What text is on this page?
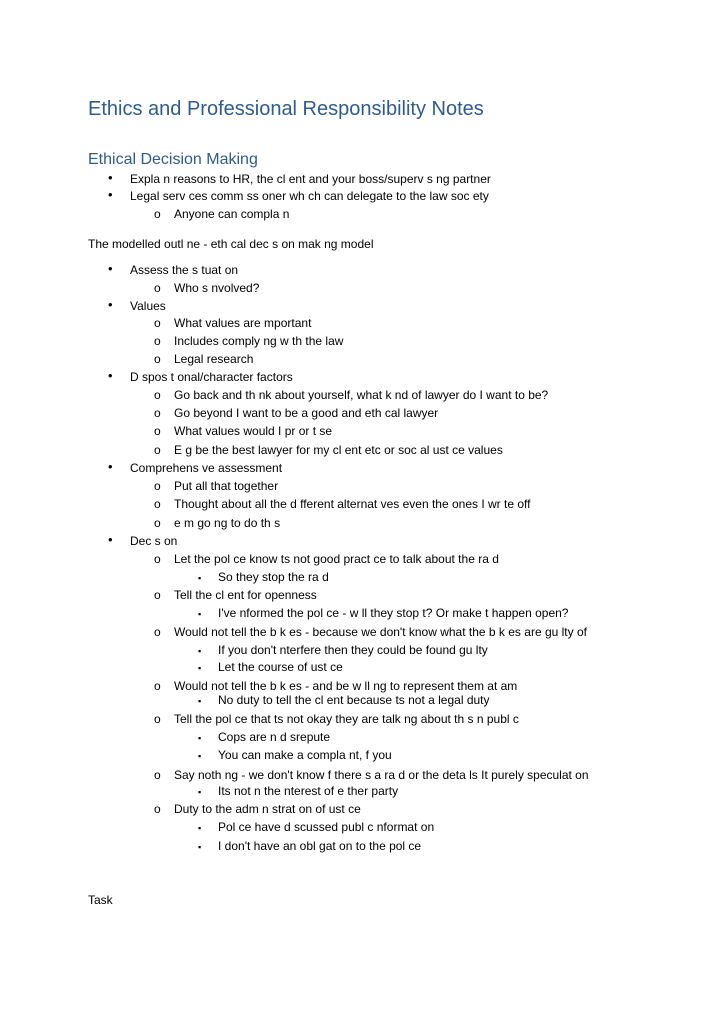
Ethics and Professional Responsibility Notes
Ethical Decision Making
• Expla n reasons to HR, the cl ent and your boss/superv s ng partner
• Legal serv ces comm ss oner wh ch can delegate to the law soc ety
o Anyone can compla n
The modelled outl ne - eth cal dec s on mak ng model
• Assess the s tuat on
o Who s nvolved?
• Values
o What values are mportant
o Includes comply ng w th the law
o Legal research
• D spos t onal/character factors
o Go back and th nk about yourself, what k nd of lawyer do I want to be?
o Go beyond I want to be a good and eth cal lawyer
o What values would I pr or t se
o E g be the best lawyer for my cl ent etc or soc al ust ce values
• Comprehens ve assessment
o Put all that together
o Thought about all the d fferent alternat ves even the ones I wr te off
o e m go ng to do th s
• Dec s on
o Let the pol ce know ts not good pract ce to talk about the ra d
▪ So they stop the ra d
o Tell the cl ent for openness
▪ I've nformed the pol ce - w ll they stop t? Or make t happen open?
o Would not tell the b k es - because we don't know what the b k es are gu lty of
▪ If you don't nterfere then they could be found gu lty
▪ Let the course of ust ce
o Would not tell the b k es - and be w ll ng to represent them at am
▪ No duty to tell the cl ent because ts not a legal duty
o Tell the pol ce that ts not okay they are talk ng about th s n publ c
▪ Cops are n d srepute
▪ You can make a compla nt, f you
o Say noth ng - we don't know f there s a ra d or the deta ls It purely speculat on
▪ Its not n the nterest of e ther party
o Duty to the adm n strat on of ust ce
▪ Pol ce have d scussed publ c nformat on
▪ I don't have an obl gat on to the pol ce
Task
